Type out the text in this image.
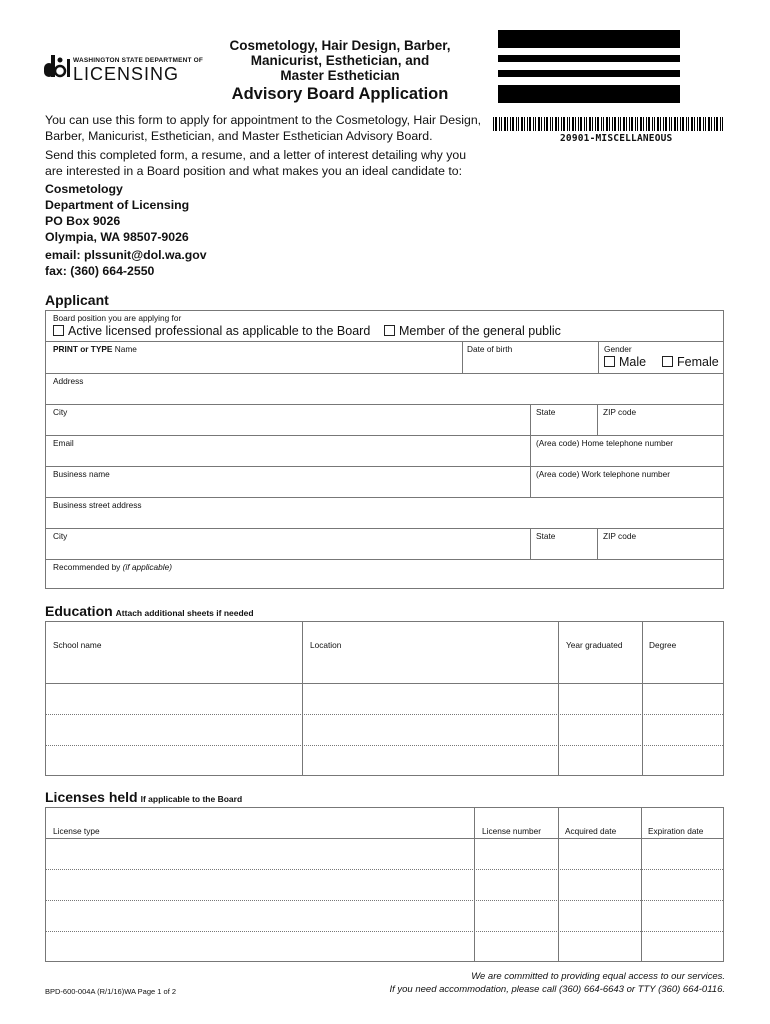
WASHINGTON STATE DEPARTMENT OF
LICENSING
Cosmetology, Hair Design, Barber,
Manicurist, Esthetician, and
Master Esthetician
Advisory Board Application
20901-MISCELLANEOUS
You can use this form to apply for appointment to the Cosmetology, Hair Design, Barber, Manicurist, Esthetician, and Master Esthetician Advisory Board.
Send this completed form, a resume, and a letter of interest detailing why you are interested in a Board position and what makes you an ideal candidate to:
Cosmetology
Department of Licensing
PO Box 9026
Olympia, WA 98507-9026
email: plssunit@dol.wa.gov
fax: (360) 664-2550
Applicant
Board position you are applying for
Active licensed professional as applicable to the Board	Member of the general public
PRINT or TYPE Name	Date of birth	Gender
Male	Female
Address
City	State	ZIP code
Email	(Area code) Home telephone number
Business name	(Area code) Work telephone number
Business street address
City	State	ZIP code
Recommended by (if applicable)
Education Attach additional sheets if needed
School name	Location	Year graduated	Degree
Licenses held If applicable to the Board
License type	License number	Acquired date	Expiration date
BPD-600-004A (R/1/16)WA Page 1 of 2
We are committed to providing equal access to our services.
If you need accommodation, please call (360) 664-6643 or TTY (360) 664-0116.
